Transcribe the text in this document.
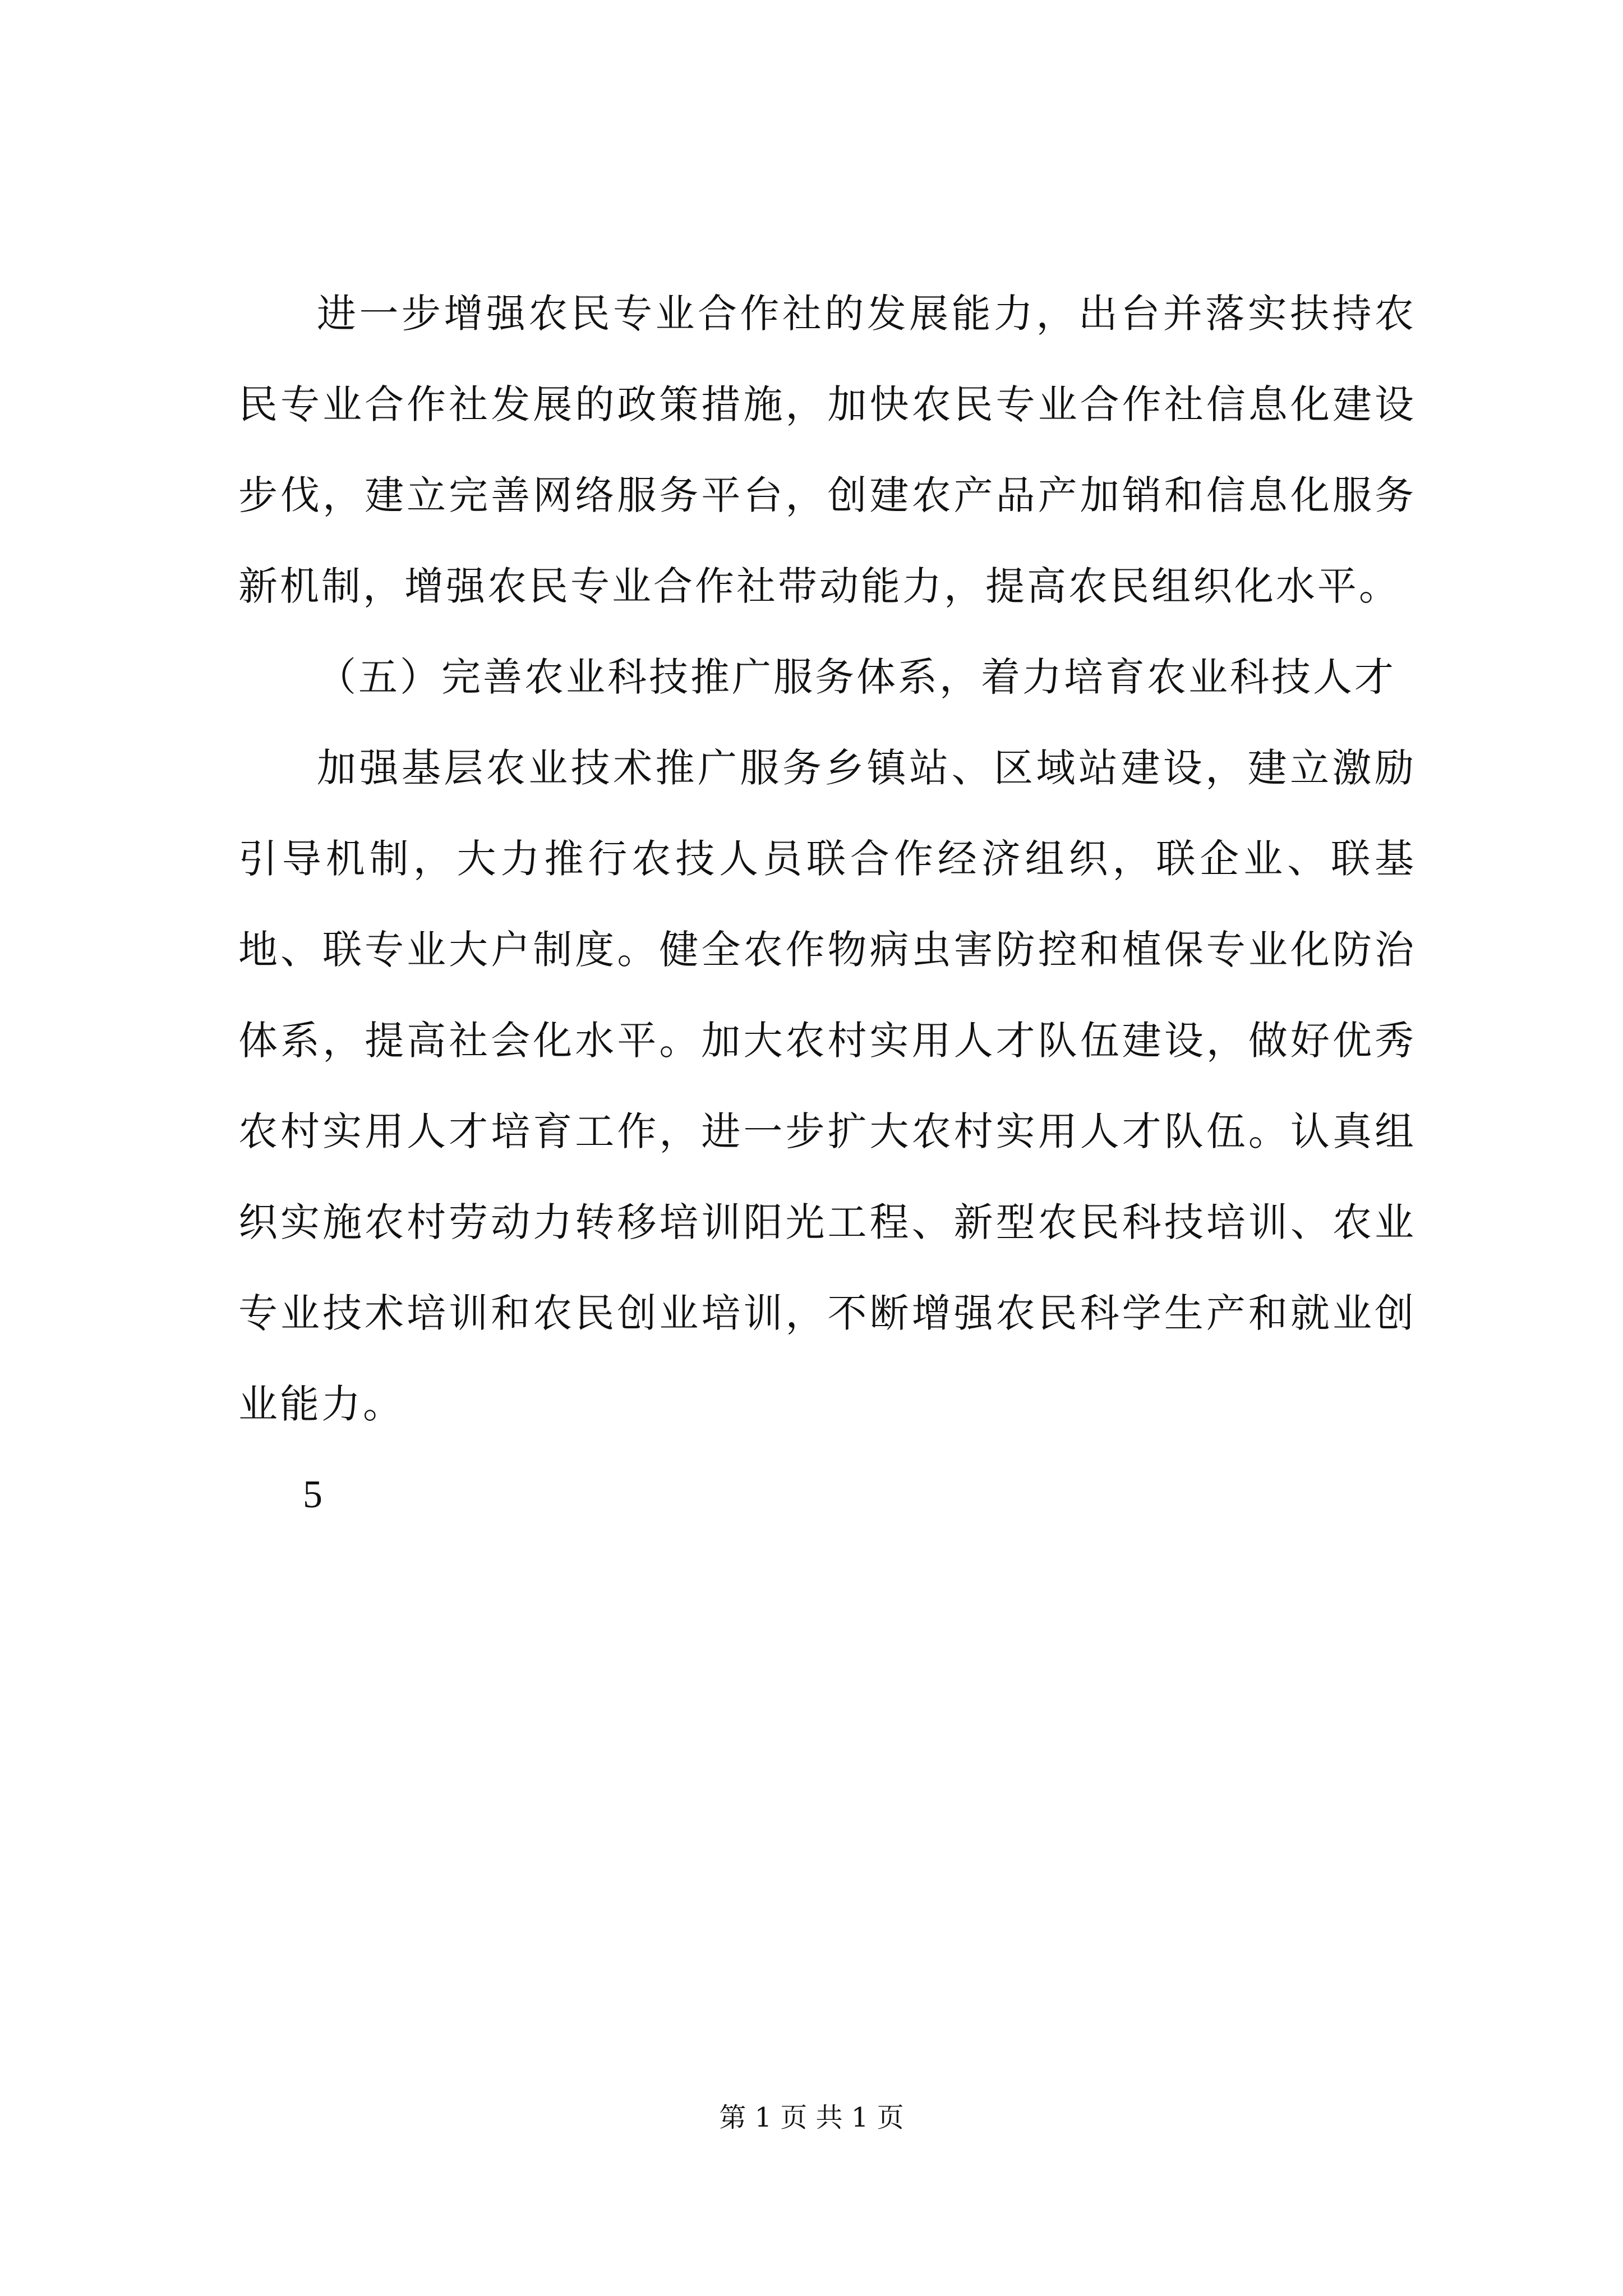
进一步增强农民专业合作社的发展能力，出台并落实扶持农民专业合作社发展的政策措施，加快农民专业合作社信息化建设步伐，建立完善网络服务平台，创建农产品产加销和信息化服务新机制，增强农民专业合作社带动能力，提高农民组织化水平。

（五）完善农业科技推广服务体系，着力培育农业科技人才

加强基层农业技术推广服务乡镇站、区域站建设，建立激励引导机制，大力推行农技人员联合作经济组织，联企业、联基地、联专业大户制度。健全农作物病虫害防控和植保专业化防治体系，提高社会化水平。加大农村实用人才队伍建设，做好优秀农村实用人才培育工作，进一步扩大农村实用人才队伍。认真组织实施农村劳动力转移培训阳光工程、新型农民科技培训、农业专业技术培训和农民创业培训，不断增强农民科学生产和就业创业能力。

5

第 1 页 共 1 页
